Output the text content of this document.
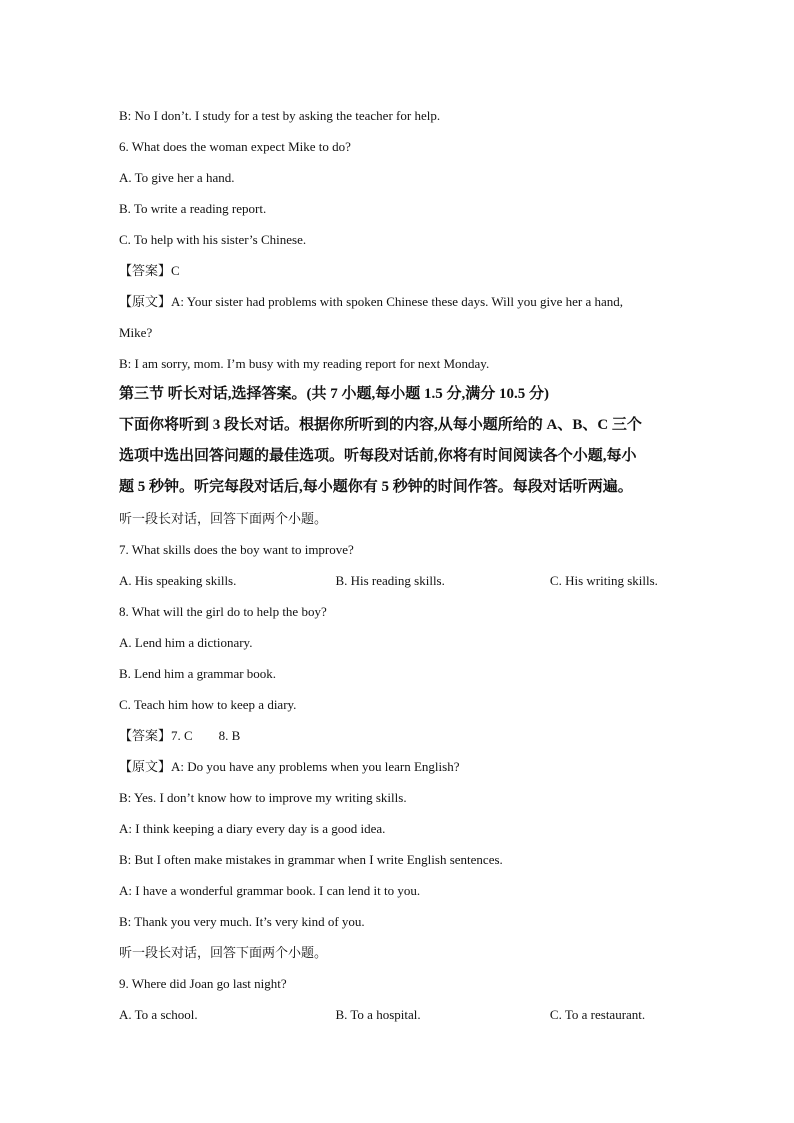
B: No I don’t. I study for a test by asking the teacher for help.
6. What does the woman expect Mike to do?
A. To give her a hand.
B. To write a reading report.
C. To help with his sister’s Chinese.
【答案】C
【原文】A: Your sister had problems with spoken Chinese these days. Will you give her a hand,
Mike?
B: I am sorry, mom. I’m busy with my reading report for next Monday.
第三节 听长对话,选择答案。(共 7 小题,每小题 1.5 分,满分 10.5 分)
下面你将听到 3 段长对话。根据你所听到的内容,从每小题所给的 A、B、C 三个
选项中选出回答问题的最佳选项。听每段对话前,你将有时间阅读各个小题,每小
题 5 秒钟。听完每段对话后,每小题你有 5 秒钟的时间作答。每段对话听两遍。
听一段长对话，回答下面两个小题。
7. What skills does the boy want to improve?
A. His speaking skills.	B. His reading skills.	C. His writing skills.
8. What will the girl do to help the boy?
A. Lend him a dictionary.
B. Lend him a grammar book.
C. Teach him how to keep a diary.
【答案】7. C        8. B
【原文】A: Do you have any problems when you learn English?
B: Yes. I don’t know how to improve my writing skills.
A: I think keeping a diary every day is a good idea.
B: But I often make mistakes in grammar when I write English sentences.
A: I have a wonderful grammar book. I can lend it to you.
B: Thank you very much. It’s very kind of you.
听一段长对话，回答下面两个小题。
9. Where did Joan go last night?
A. To a school.	B. To a hospital.	C. To a restaurant.
